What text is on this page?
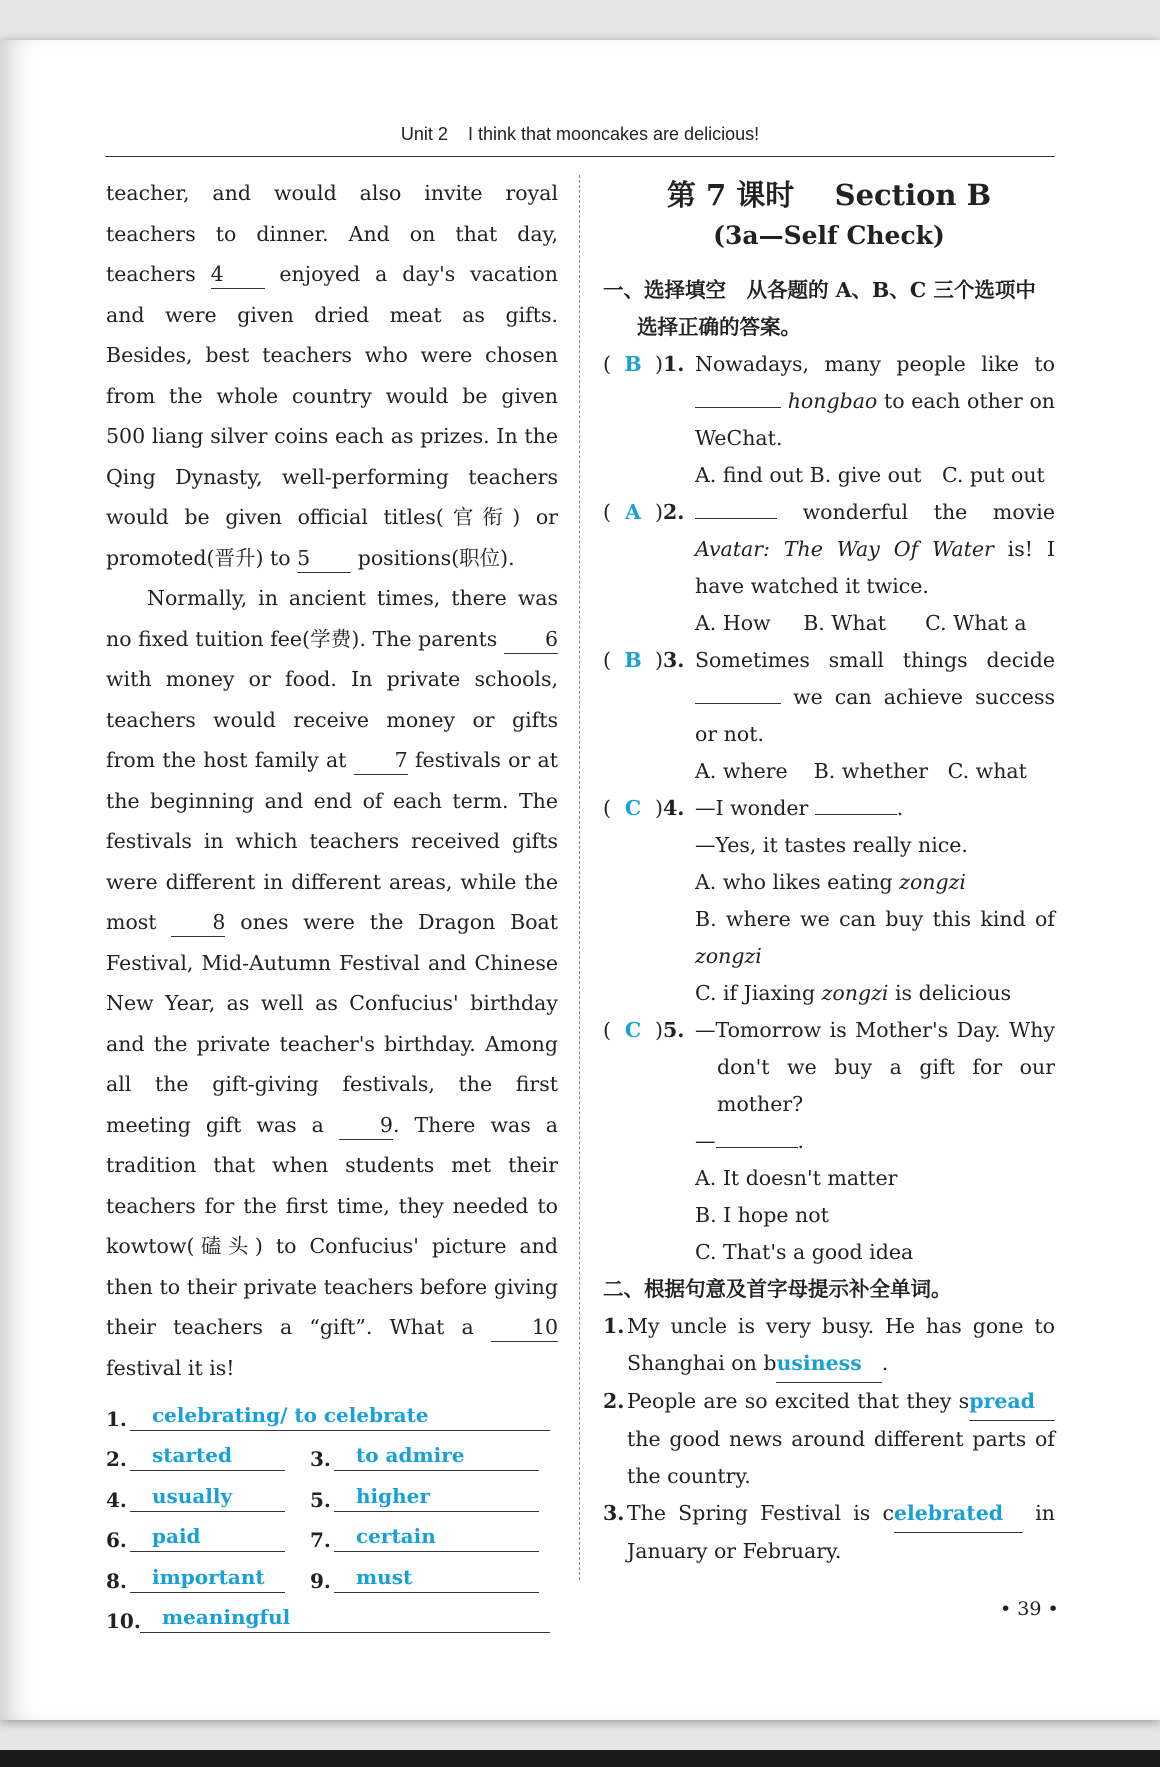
Unit 2 I think that mooncakes are delicious!

teacher, and would also invite royal teachers to dinner. And on that day, teachers 4	enjoyed a day's vacation and were given dried meat as gifts. Besides, best teachers who were chosen from the whole country would be given 500 liang silver coins each as prizes. In the Qing Dynasty, well-performing teachers would be given official titles(官衔) or promoted(晋升) to 5 positions(职位).

Normally, in ancient times, there was no fixed tuition fee(学费). The parents 6 with money or food. In private schools, teachers would receive money or gifts from the host family at 7 festivals or at the beginning and end of each term. The festivals in which teachers received gifts were different in different areas, while the most	8 ones were the Dragon Boat Festival, Mid-Autumn Festival and Chinese New Year, as well as Confucius' birthday and the private teacher's birthday. Among all the gift-giving festivals, the first meeting gift was a	9. There was a tradition that when students met their teachers for the first time, they needed to kowtow(磕头) to Confucius' picture and then to their private teachers before giving their teachers a “gift”. What a	10 festival it is!

1.	celebrating/ to celebrate
2.	started	3.	to admire
4.	usually	5.	higher
6.	paid	7.	certain
8.	important	9.	must
10.	meaningful
第 7 课时 Section B
(3a—Self Check)
一、选择填空　从各题的 A、B、C 三个选项中
选择正确的答案。
( B )1. Nowadays, many people like to  hongbao to each other on WeChat.
A. find out B. give out　C. put out
( A )2.	wonderful the movie Avatar: The Way Of Water is! I have watched it twice.
A. How B. What C. What a
( B )3. Sometimes small things decide  we can achieve success or not.
A. where B. whether C. what
( C )4. —I wonder	.
—Yes, it tastes really nice.
A. who likes eating zongzi
B. where we can buy this kind of zongzi
C. if Jiaxing zongzi is delicious
( C )5. —Tomorrow is Mother's Day. Why don't we buy a gift for our mother?
—	.
A. It doesn't matter
B. I hope not
C. That's a good idea
二、根据句意及首字母提示补全单词。
1. My uncle is very busy. He has gone to Shanghai on business .
2. People are so excited that they spread the good news around different parts of the country.
3. The Spring Festival is celebrated in January or February.
• 39 •
